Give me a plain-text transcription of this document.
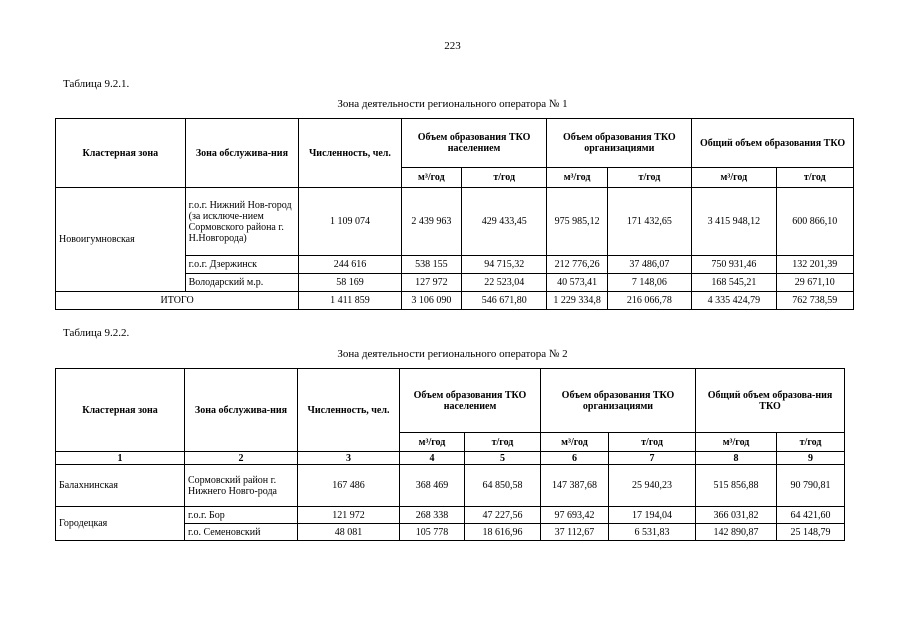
223
Таблица 9.2.1.
Зона деятельности регионального оператора № 1
Кластерная зона	Зона обслужива-ния	Численность, чел.	Объем образования ТКО населением		Объем образования ТКО организациями		Общий объем образования ТКО	
			м³/год	т/год	м³/год	т/год	м³/год	т/год
Новоигумновская	г.о.г. Нижний Нов-город (за исключе-нием Сормовского района г. Н.Новгорода)	1 109 074	2 439 963	429 433,45	975 985,12	171 432,65	3 415 948,12	600 866,10
	г.о.г. Дзержинск	244 616	538 155	94 715,32	212 776,26	37 486,07	750 931,46	132 201,39
	Володарский м.р.	58 169	127 972	22 523,04	40 573,41	7 148,06	168 545,21	29 671,10
ИТОГО		1 411 859	3 106 090	546 671,80	1 229 334,8	216 066,78	4 335 424,79	762 738,59
Таблица 9.2.2.
Зона деятельности регионального оператора № 2
Кластерная зона	Зона обслужива-ния	Численность, чел.	Объем образования ТКО населением		Объем образования ТКО организациями		Общий объем образова-ния ТКО	
			м³/год	т/год	м³/год	т/год	м³/год	т/год
1	2	3	4	5	6	7	8	9
Балахнинская	Сормовский район г. Нижнего Новго-рода	167 486	368 469	64 850,58	147 387,68	25 940,23	515 856,88	90 790,81
Городецкая	г.о.г. Бор	121 972	268 338	47 227,56	97 693,42	17 194,04	366 031,82	64 421,60
	г.о. Семеновский	48 081	105 778	18 616,96	37 112,67	6 531,83	142 890,87	25 148,79
